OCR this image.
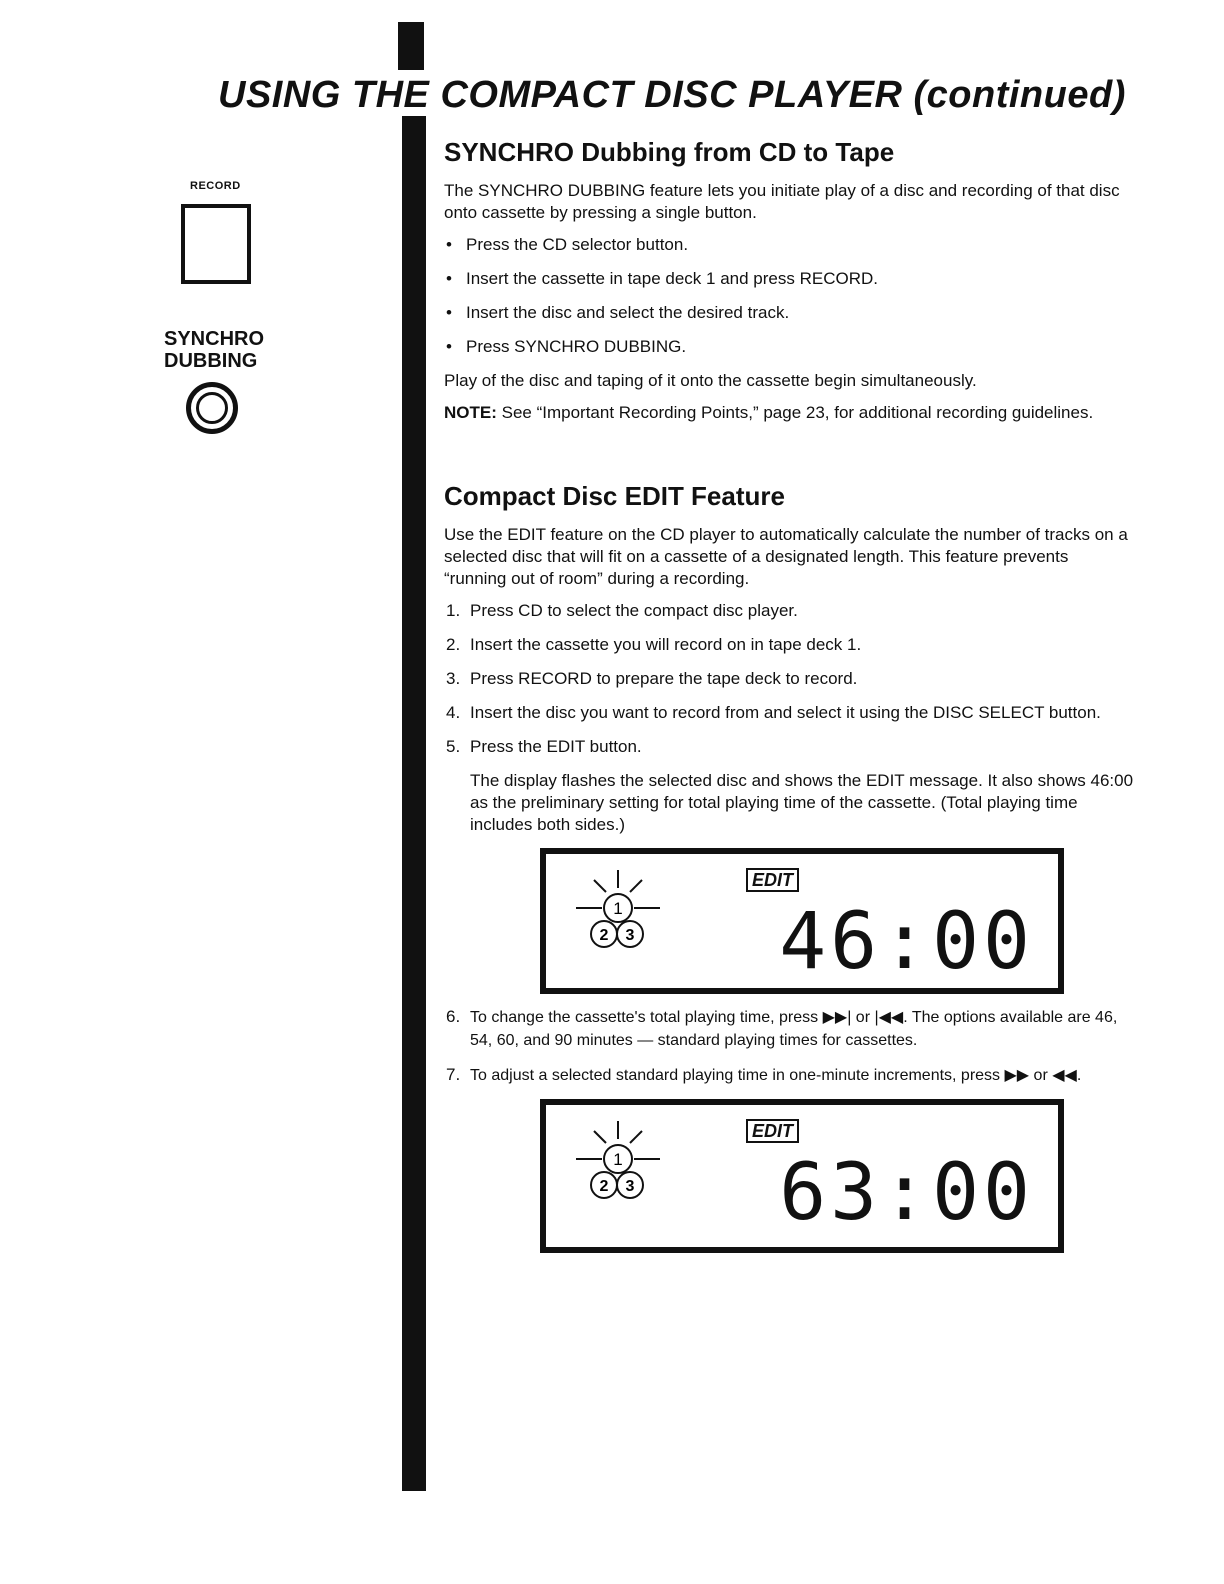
USING THE COMPACT DISC PLAYER (continued)
RECORD
SYNCHRO
DUBBING
SYNCHRO Dubbing from CD to Tape

The SYNCHRO DUBBING feature lets you initiate play of a disc and recording of that disc onto cassette by pressing a single button.

• Press the CD selector button.
• Insert the cassette in tape deck 1 and press RECORD.
• Insert the disc and select the desired track.
• Press SYNCHRO DUBBING.

Play of the disc and taping of it onto the cassette begin simultaneously.

NOTE: See “Important Recording Points,” page 23, for additional recording guidelines.

Compact Disc EDIT Feature

Use the EDIT feature on the CD player to automatically calculate the number of tracks on a selected disc that will fit on a cassette of a designated length. This feature prevents “running out of room” during a recording.

1. Press CD to select the compact disc player.
2. Insert the cassette you will record on in tape deck 1.
3. Press RECORD to prepare the tape deck to record.
4. Insert the disc you want to record from and select it using the DISC SELECT button.
5. Press the EDIT button.

The display flashes the selected disc and shows the EDIT message. It also shows 46:00 as the preliminary setting for total playing time of the cassette. (Total playing time includes both sides.)

1
2 3
EDIT
46:00
6. To change the cassette's total playing time, press ▶▶| or |◀◀. The options available are 46, 54, 60, and 90 minutes — standard playing times for cassettes.
7. To adjust a selected standard playing time in one-minute increments, press ▶▶ or ◀◀.
1
2 3
EDIT
63:00
